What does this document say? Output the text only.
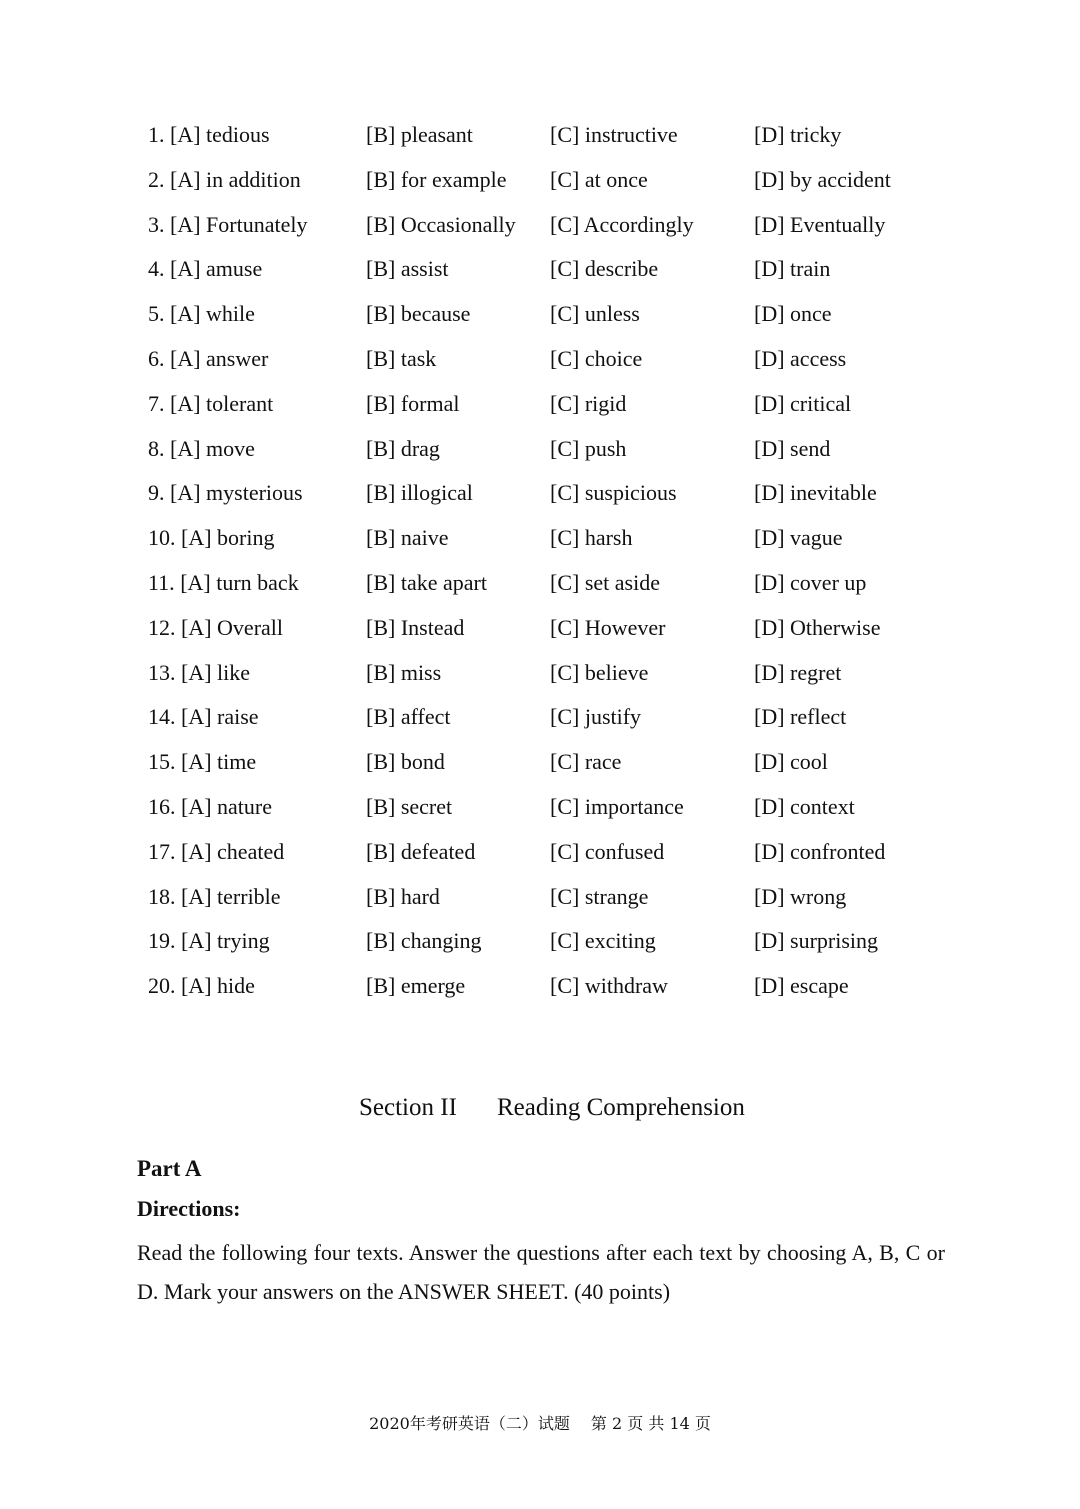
1. [A] tedious	[B] pleasant	[C] instructive	[D] tricky
2. [A] in addition	[B] for example [C] at once	[D] by accident
3. [A] Fortunately	[B] Occasionally [C] Accordingly	[D] Eventually
4. [A] amuse	[B] assist	[C] describe	[D] train
5. [A] while	[B] because	[C] unless	[D] once
6. [A] answer	[B] task	[C] choice	[D] access
7. [A] tolerant	[B] formal	[C] rigid	[D] critical
8. [A] move	[B] drag	[C] push	[D] send
9. [A] mysterious	[B] illogical	[C] suspicious	[D] inevitable
10. [A] boring	[B] naive	[C] harsh	[D] vague
11. [A] turn back	[B] take apart	[C] set aside	[D] cover up
12. [A] Overall	[B] Instead	[C] However	[D] Otherwise
13. [A] like	[B] miss	[C] believe	[D] regret
14. [A] raise	[B] affect	[C] justify	[D] reflect
15. [A] time	[B] bond	[C] race	[D] cool
16. [A] nature	[B] secret	[C] importance	[D] context
17. [A] cheated	[B] defeated	[C] confused	[D] confronted
18. [A] terrible	[B] hard	[C] strange	[D] wrong
19. [A] trying	[B] changing	[C] exciting	[D] surprising
20. [A] hide	[B] emerge	[C] withdraw	[D] escape
Section II Reading Comprehension
Part A
Directions:
Read the following four texts. Answer the questions after each text by choosing A, B, C or D. Mark your answers on the ANSWER SHEET. (40 points)
2020年考研英语（二）试题　 第 2 页 共 14 页
